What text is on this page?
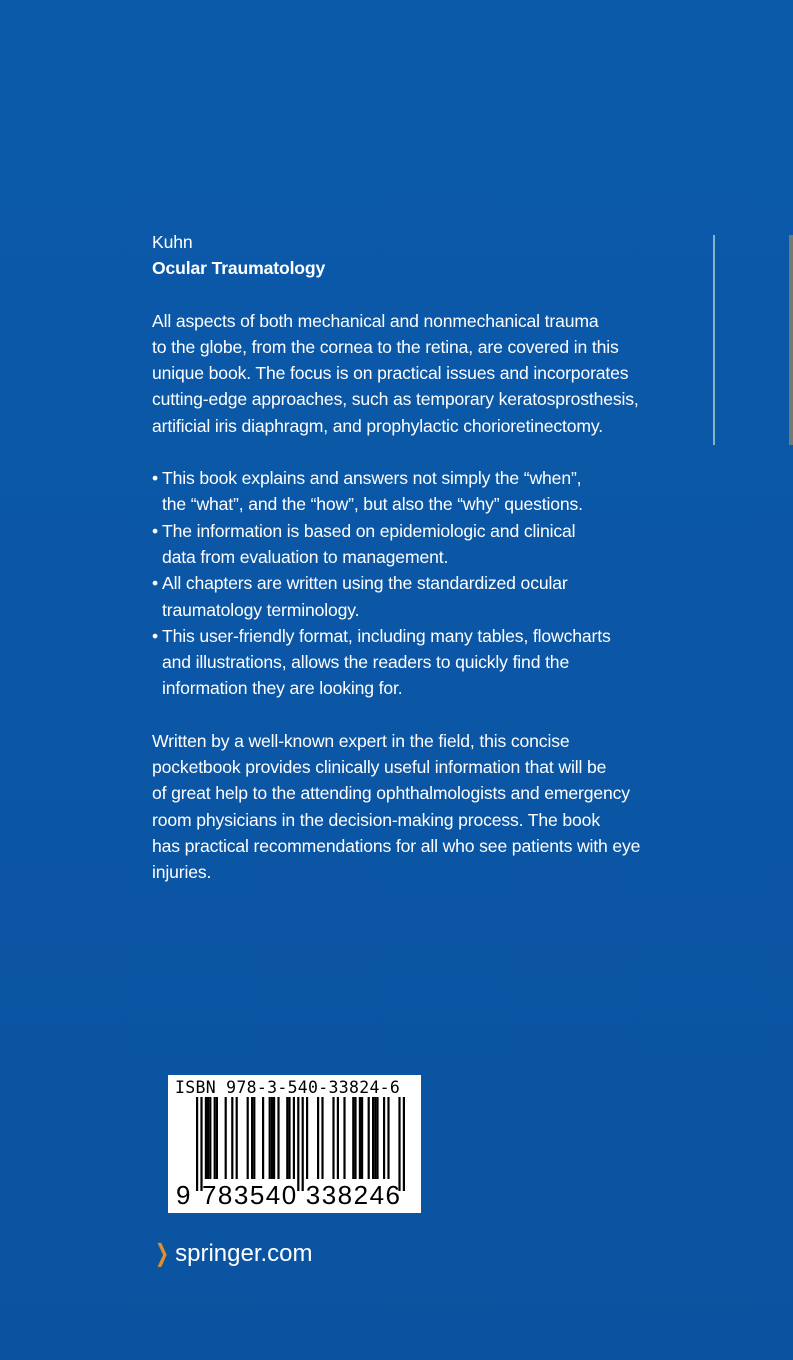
Kuhn

Ocular Traumatology

All aspects of both mechanical and nonmechanical trauma
to the globe, from the cornea to the retina, are covered in this
unique book. The focus is on practical issues and incorporates
cutting-edge approaches, such as temporary keratosprosthesis,
artificial iris diaphragm, and prophylactic chorioretinectomy.

• This book explains and answers not simply the “when”,
the “what”, and the “how”, but also the “why” questions.
• The information is based on epidemiologic and clinical
data from evaluation to management.
• All chapters are written using the standardized ocular
traumatology terminology.
• This user-friendly format, including many tables, flowcharts
and illustrations, allows the readers to quickly find the
information they are looking for.

Written by a well-known expert in the field, this concise
pocketbook provides clinically useful information that will be
of great help to the attending ophthalmologists and emergency
room physicians in the decision-making process. The book
has practical recommendations for all who see patients with eye
injuries.

ISBN 978-3-540-33824-6
9 783540 338246
❯ springer.com
